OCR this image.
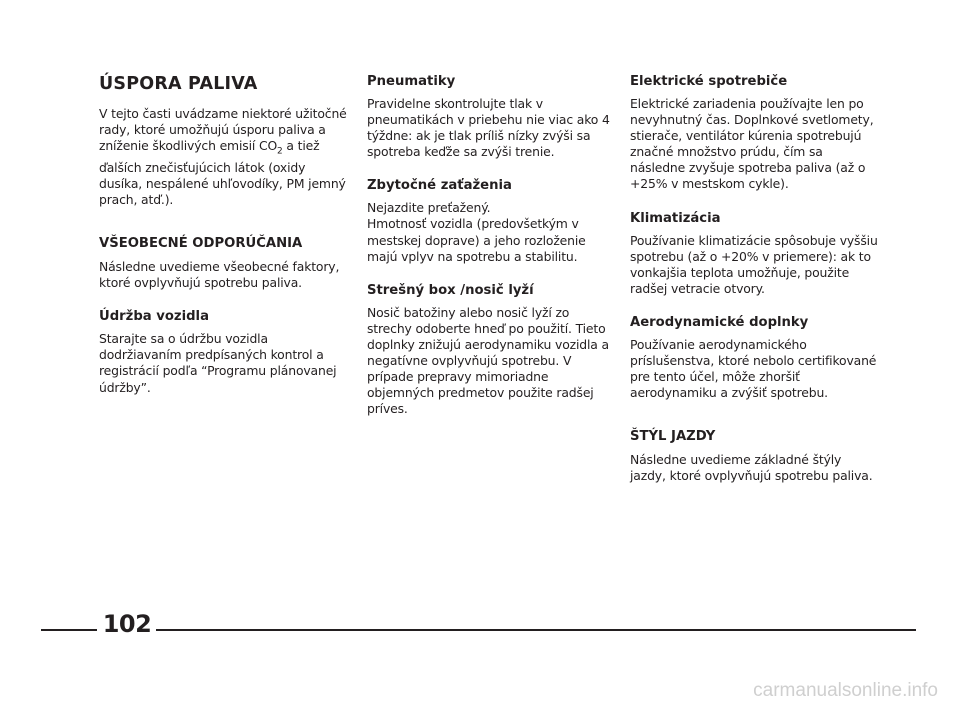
ÚSPORA PALIVA

V tejto časti uvádzame niektoré užitočné rady, ktoré umožňujú úsporu paliva a zníženie škodlivých emisií $CO_2$ a tiež ďalších znečisťujúcich látok (oxidy dusíka, nespálené uhľovodíky, PM jemný prach, atď.).

VŠEOBECNÉ ODPORÚČANIA

Následne uvedieme všeobecné faktory, ktoré ovplyvňujú spotrebu paliva.

Údržba vozidla

Starajte sa o údržbu vozidla dodržiavaním predpísaných kontrol a registrácií podľa “Programu plánovanej údržby”.

Pneumatiky

Pravidelne skontrolujte tlak v pneumatikách v priebehu nie viac ako 4 týždne: ak je tlak príliš nízky zvýši sa spotreba keďže sa zvýši trenie.

Zbytočné zaťaženia

Nejazdite preťažený.
Hmotnosť vozidla (predovšetkým v mestskej doprave) a jeho rozloženie majú vplyv na spotrebu a stabilitu.

Strešný box /nosič lyží

Nosič batožiny alebo nosič lyží zo strechy odoberte hneď po použití. Tieto doplnky znižujú aerodynamiku vozidla a negatívne ovplyvňujú spotrebu. V prípade prepravy mimoriadne objemných predmetov použite radšej príves.

Elektrické spotrebiče

Elektrické zariadenia používajte len po nevyhnutný čas. Doplnkové svetlomety, stierače, ventilátor kúrenia spotrebujú značné množstvo prúdu, čím sa následne zvyšuje spotreba paliva (až o +25% v mestskom cykle).

Klimatizácia

Používanie klimatizácie spôsobuje vyššiu spotrebu (až o +20% v priemere): ak to vonkajšia teplota umožňuje, použite radšej vetracie otvory.

Aerodynamické doplnky

Používanie aerodynamického príslušenstva, ktoré nebolo certifikované pre tento účel, môže zhoršiť aerodynamiku a zvýšiť spotrebu.

ŠTÝL JAZDY

Následne uvedieme základné štýly jazdy, ktoré ovplyvňujú spotrebu paliva.

102
carmanualsonline.info
